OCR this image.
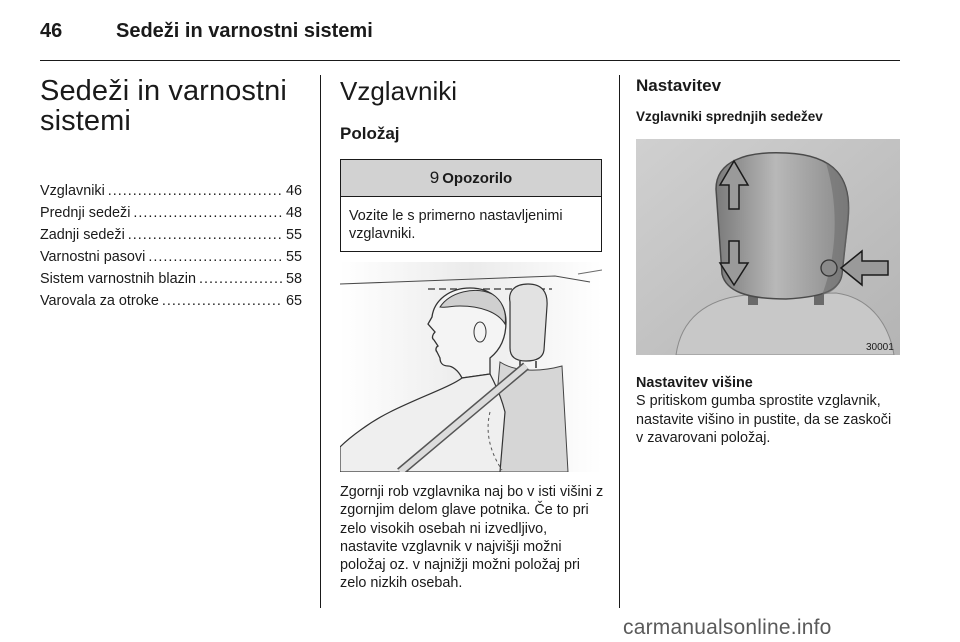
46	Sedeži in varnostni sistemi
Sedeži in varnostni sistemi
Vzglavniki .....	46
Prednji sedeži .....	48
Zadnji sedeži .....	55
Varnostni pasovi .....	55
Sistem varnostnih blazin .....	58
Varovala za otroke .....	65
Vzglavniki
Položaj
9 Opozorilo
Vozite le s primerno nastavljenimi vzglavniki.
Zgornji rob vzglavnika naj bo v isti višini z zgornjim delom glave potnika. Če to pri zelo visokih osebah ni izvedljivo, nastavite vzglavnik v najvišji možni položaj oz. v najnižji možni položaj pri zelo nizkih osebah.
Nastavitev
Vzglavniki sprednjih sedežev
30001
Nastavitev višine
S pritiskom gumba sprostite vzglavnik, nastavite višino in pustite, da se zaskoči v zavarovani položaj.
carmanualsonline.info
